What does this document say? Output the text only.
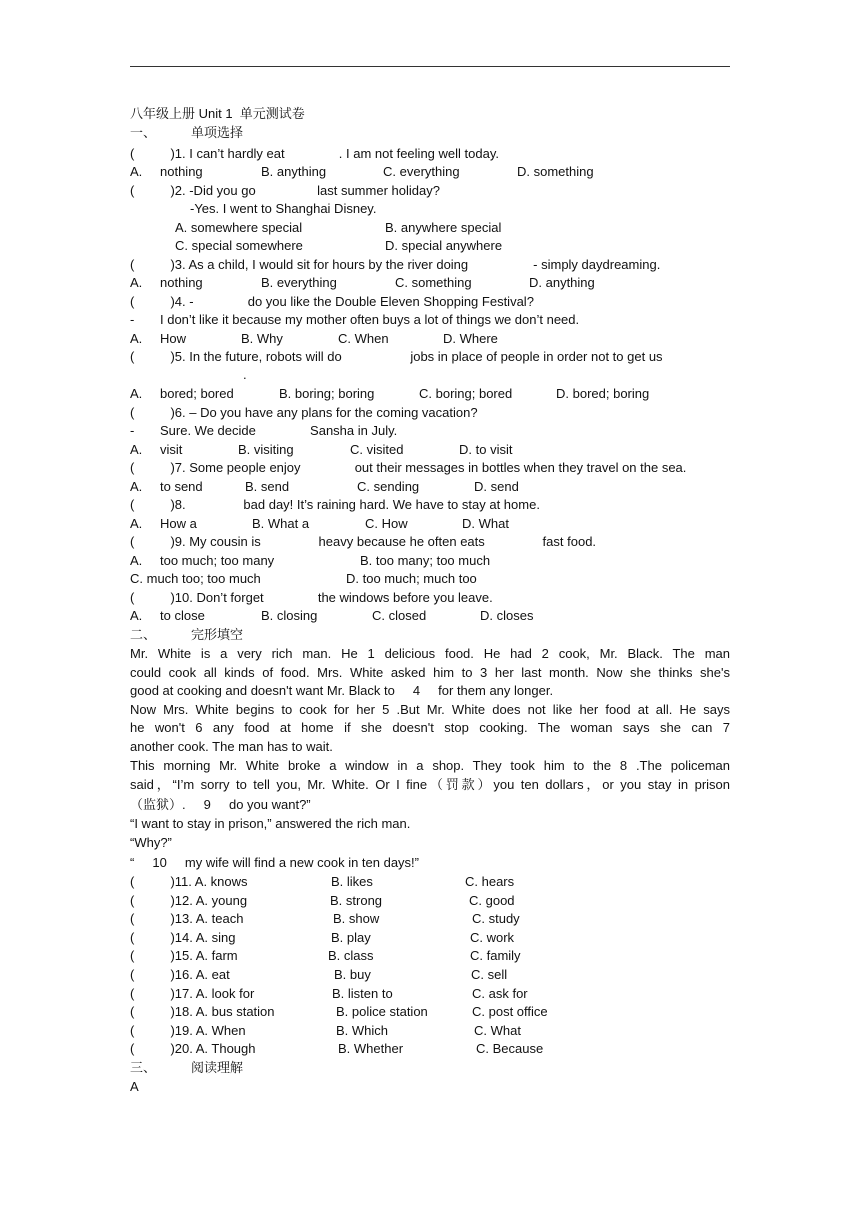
八年级上册 Unit 1  单元测试卷
一、	单项选择
(          )1. I can’t hardly eat               . I am not feeling well today.
A. nothing	B. anything	C. everything	D. something
(          )2. -Did you go                 last summer holiday?
-Yes. I went to Shanghai Disney.
A. somewhere special	B. anywhere special
C. special somewhere	D. special anywhere
(          )3. As a child, I would sit for hours by the river doing                  - simply daydreaming.
A. nothing	B. everything	C. something	D. anything
(          )4. -               do you like the Double Eleven Shopping Festival?
- I don’t like it because my mother often buys a lot of things we don’t need.
A. How	B. Why	C. When	D. Where
(          )5. In the future, robots will do                   jobs in place of people in order not to get us
.
A. bored; bored	B. boring; boring	C. boring; bored	D. bored; boring
(          )6. – Do you have any plans for the coming vacation?
- Sure. We decide               Sansha in July.
A. visit	B. visiting	C. visited	D. to visit
(          )7. Some people enjoy               out their messages in bottles when they travel on the sea.
A. to send	B. send	C. sending	D. send
(          )8.                bad day! It’s raining hard. We have to stay at home.
A. How a	B. What a	C. How	D. What
(          )9. My cousin is                heavy because he often eats                fast food.
A. too much; too many	B. too many; too much
C. much too; too much	D. too much; much too
(          )10. Don’t forget               the windows before you leave.
A. to close	B. closing	C. closed	D. closes
二、	完形填空
Mr. White is a very rich man. He 1 delicious food. He had 2 cook, Mr. Black. The man
could cook all kinds of food. Mrs. White asked him to 3 her last month. Now she thinks she's
good at cooking and doesn't want Mr. Black to     4     for them any longer.
Now Mrs. White begins to cook for her 5 .But Mr. White does not like her food at all. He says
he won't 6 any food at home if she doesn't stop cooking. The woman says she can 7
another cook. The man has to wait.
This morning Mr. White broke a window in a shop. They took him to the 8 .The policeman
said，“I’m sorry to tell you, Mr. White. Or I fine（罚款）you ten dollars，or you stay in prison
（监狱）.     9     do you want?”
“I want to stay in prison,” answered the rich man.
“Why?”
“     10     my wife will find a new cook in ten days!”
(          )11. A. knows	B. likes	C. hears
(          )12. A. young	B. strong	C. good
(          )13. A. teach	B. show	C. study
(          )14. A. sing	B. play	C. work
(          )15. A. farm	B. class	C. family
(          )16. A. eat	B. buy	C. sell
(          )17. A. look for	B. listen to	C. ask for
(          )18. A. bus station	B. police station	C. post office
(          )19. A. When	B. Which	C. What
(          )20. A. Though	B. Whether	C. Because
三、	阅读理解
A
